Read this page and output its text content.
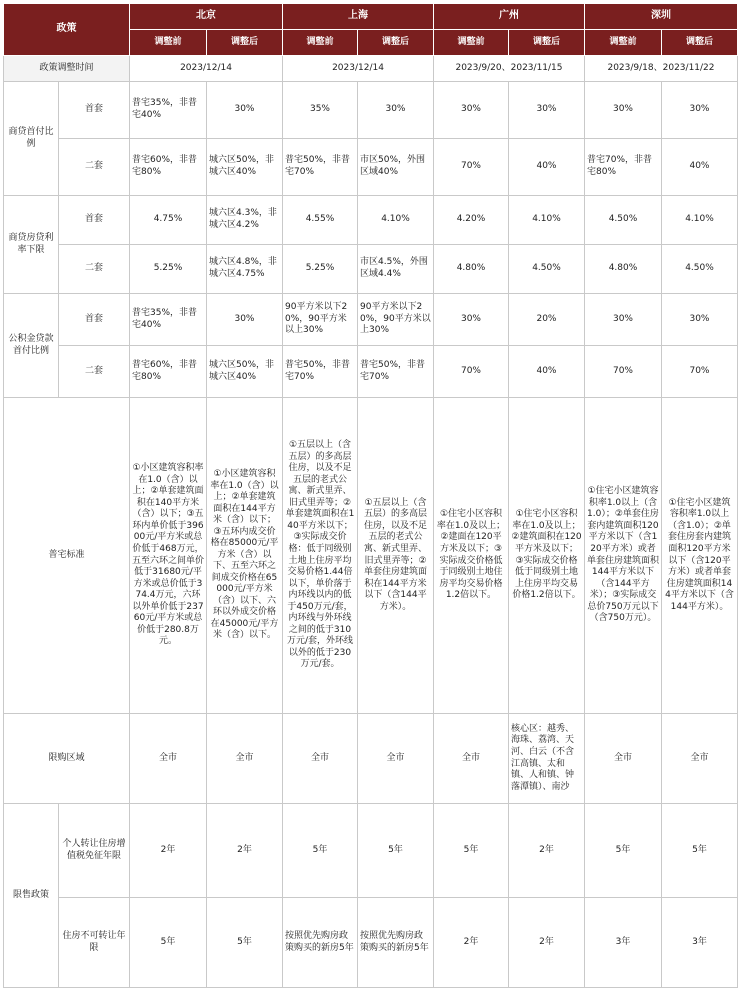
政策		北京		上海		广州		深圳	
		调整前	调整后	调整前	调整后	调整前	调整后	调整前	调整后
政策调整时间		2023/12/14		2023/12/14		2023/9/20、2023/11/15		2023/9/18、2023/11/22	
商贷首付比例	首套	普宅35%，非普宅40%	30%	35%	30%	30%	30%	30%	30%
	二套	普宅60%，非普宅80%	城六区50%，非城六区40%	普宅50%，非普宅70%	市区50%，外围区域40%	70%	40%	普宅70%，非普宅80%	40%
商贷房贷利率下限	首套	4.75%	城六区4.3%，非城六区4.2%	4.55%	4.10%	4.20%	4.10%	4.50%	4.10%
	二套	5.25%	城六区4.8%，非城六区4.75%	5.25%	市区4.5%，外围区域4.4%	4.80%	4.50%	4.80%	4.50%
公积金贷款首付比例	首套	普宅35%，非普宅40%	30%	90平方米以下20%，90平方米以上30%	90平方米以下20%，90平方米以上30%	30%	20%	30%	30%
	二套	普宅60%，非普宅80%	城六区50%，非城六区40%	普宅50%，非普宅70%	普宅50%，非普宅70%	70%	40%	70%	70%
普宅标准		①小区建筑容积率在1.0（含）以上；②单套建筑面积在140平方米（含）以下；③五环内单价低于39600元/平方米或总价低于468万元，五至六环之间单价低于31680元/平方米或总价低于374.4万元，六环以外单价低于23760元/平方米或总价低于280.8万元。	①小区建筑容积率在1.0（含）以上；②单套建筑面积在144平方米（含）以下；③五环内成交价格在85000元/平方米（含）以下、五至六环之间成交价格在65000元/平方米（含）以下、六环以外成交价格在45000元/平方米（含）以下。	①五层以上（含五层）的多高层住房，以及不足五层的老式公寓、新式里弄、旧式里弄等；②单套建筑面积在140平方米以下；③实际成交价格：低于同级别土地上住房平均交易价格1.44倍以下，单价落于内环线以内的低于450万元/套，内环线与外环线之间的低于310万元/套，外环线以外的低于230万元/套。	①五层以上（含五层）的多高层住房，以及不足五层的老式公寓、新式里弄、旧式里弄等；②单套住房建筑面积在144平方米以下（含144平方米）。	①住宅小区容积率在1.0及以上；②建面在120平方米及以下；③实际成交价格低于同级别土地住房平均交易价格1.2倍以下。	①住宅小区容积率在1.0及以上；②建筑面积在120平方米及以下；③实际成交价格低于同级别土地上住房平均交易价格1.2倍以下。	①住宅小区建筑容积率1.0以上（含1.0）；②单套住房套内建筑面积120平方米以下（含120平方米）或者单套住房建筑面积144平方米以下（含144平方米）；③实际成交总价750万元以下（含750万元）。	①住宅小区建筑容积率1.0以上（含1.0）；②单套住房套内建筑面积120平方米以下（含120平方米）或者单套住房建筑面积144平方米以下（含144平方米）。
限购区域		全市	全市	全市	全市	全市	核心区：越秀、海珠、荔湾、天河、白云（不含江高镇、太和镇、人和镇、钟落潭镇）、南沙	全市	全市
限售政策	个人转让住房增值税免征年限	2年	2年	5年	5年	5年	2年	5年	5年
	住房不可转让年限	5年	5年	按照优先购房政策购买的新房5年	按照优先购房政策购买的新房5年	2年	2年	3年	3年
